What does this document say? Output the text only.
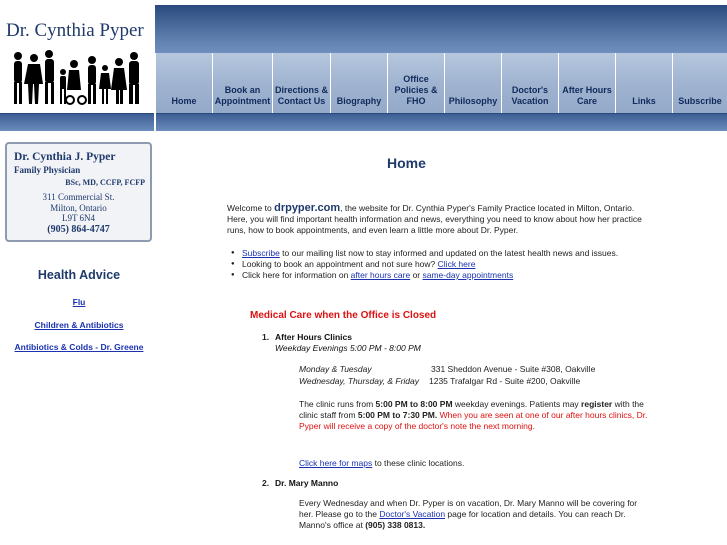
Dr. Cynthia Pyper
Home
Book an Appointment
Directions & Contact Us	Biography
Office Policies & FHO	Philosophy
Doctor's Vacation
After Hours Care	Links Subscribe
Dr. Cynthia J. Pyper
Family Physician
BSc, MD, CCFP, FCFP
311 Commercial St.
Milton, Ontario
L9T 6N4
(905) 864-4747
Health Advice
Flu
Children & Antibiotics
Antibiotics & Colds - Dr. Greene
Home
Welcome to drpyper.com, the website for Dr. Cynthia Pyper's Family Practice located in Milton, Ontario. Here, you will find important health information and news, everything you need to know about how her practice runs, how to book appointments, and even learn a little more about Dr. Pyper.
● Subscribe to our mailing list now to stay informed and updated on the latest health news and issues.
● Looking to book an appointment and not sure how? Click here
● Click here for information on after hours care or same-day appointments
Medical Care when the Office is Closed
1. After Hours Clinics
Weekday Evenings 5:00 PM - 8:00 PM
Monday & Tuesday	331 Sheddon Avenue - Suite #308, Oakville
Wednesday, Thursday, & Friday 1235 Trafalgar Rd - Suite #200, Oakville
The clinic runs from 5:00 PM to 8:00 PM weekday evenings. Patients may register with the clinic staff from 5:00 PM to 7:30 PM. When you are seen at one of our after hours clinics, Dr. Pyper will receive a copy of the doctor's note the next morning.
Click here for maps to these clinic locations.
2. Dr. Mary Manno
Every Wednesday and when Dr. Pyper is on vacation, Dr. Mary Manno will be covering for her. Please go to the Doctor's Vacation page for location and details. You can reach Dr. Manno's office at (905) 338 0813.
